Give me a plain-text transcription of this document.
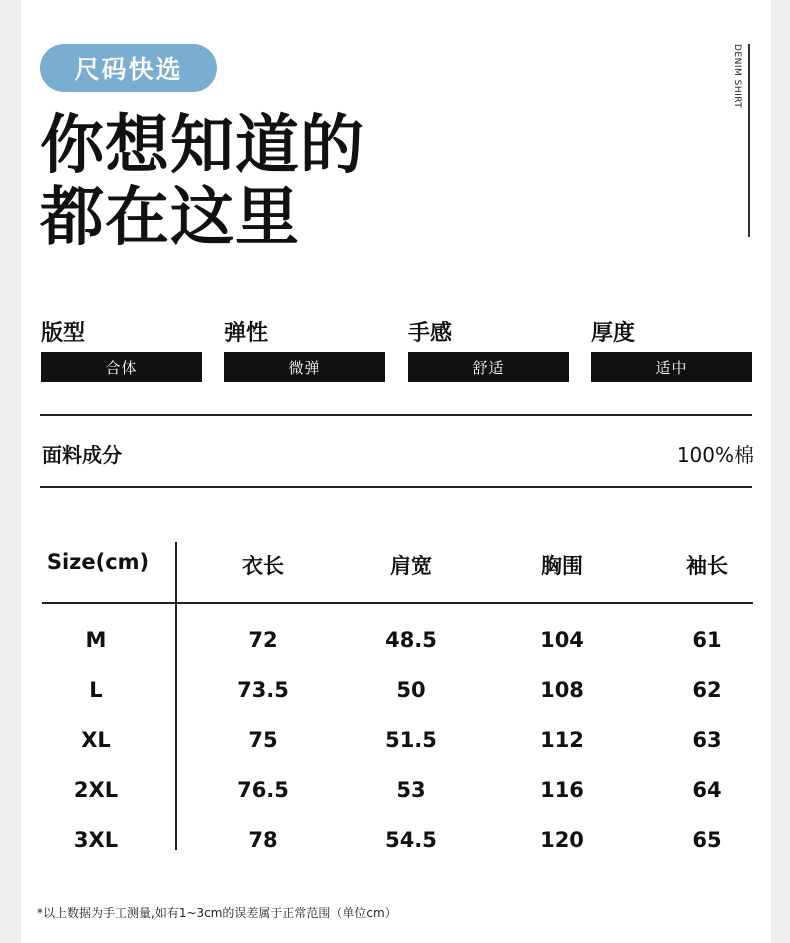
尺码快选
你想知道的
都在这里
DENIM SHIRT
版型
合体
弹性
微弹
手感
舒适
厚度
适中
面料成分	100%棉
Size(cm)	衣长	肩宽	胸围	袖长
M	72	48.5	104	61
L	73.5	50	108	62
XL	75	51.5	112	63
2XL	76.5	53	116	64
3XL	78	54.5	120	65
*以上数据为手工测量,如有1~3cm的误差属于正常范围（单位cm）
